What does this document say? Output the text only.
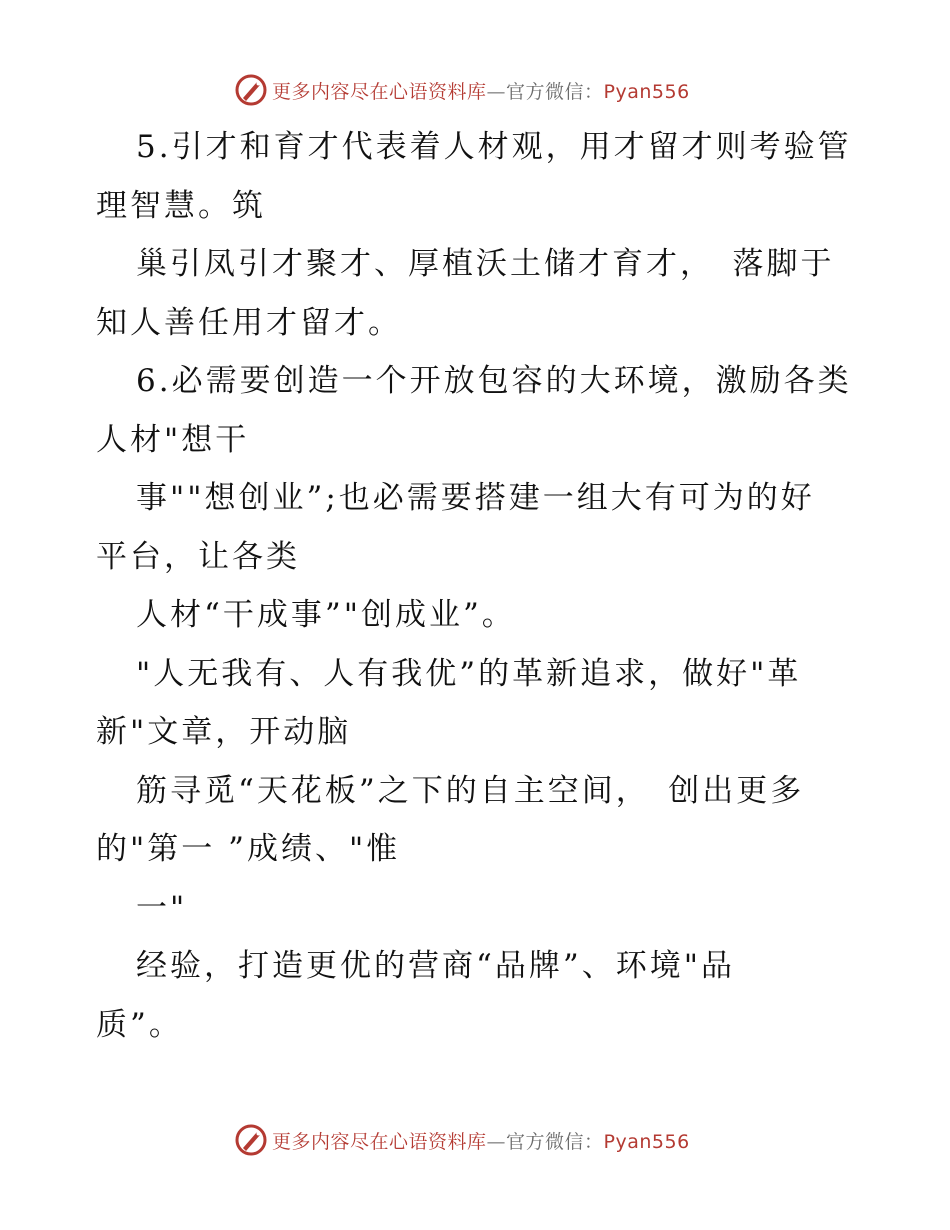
更多内容尽在心语资料库—官方微信：Pyan556
5.引才和育才代表着人材观，用才留才则考验管
理智慧。筑
巢引凤引才聚才、厚植沃土储才育才，　落脚于
知人善任用才留才。
6.必需要创造一个开放包容的大环境，激励各类
人材"想干
事""想创业”;也必需要搭建一组大有可为的好
平台，让各类
人材“干成事”"创成业”。
"人无我有、人有我优”的革新追求，做好"革
新"文章，开动脑
筋寻觅“天花板”之下的自主空间，　创出更多
的"第一 ”成绩、"惟
一"
经验，打造更优的营商“品牌”、环境"品
质”。
更多内容尽在心语资料库—官方微信：Pyan556
